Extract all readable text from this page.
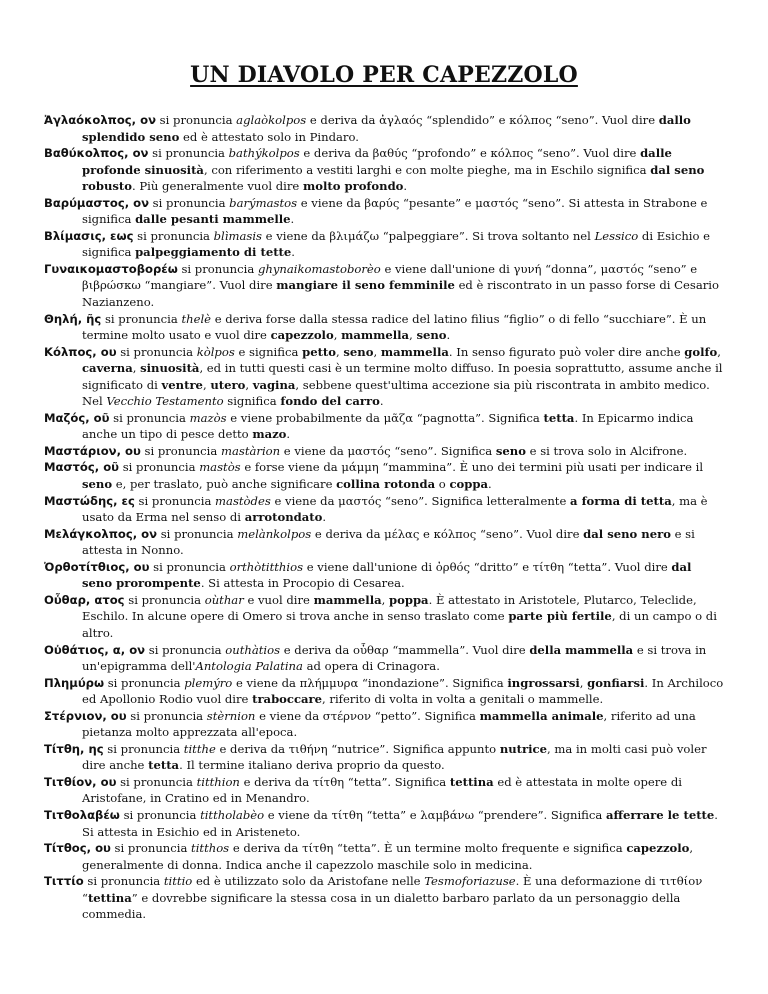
UN DIAVOLO PER CAPEZZOLO

Ἀγλαόκολπος, ον si pronuncia aglaòkolpos e deriva da ἀγλαός “splendido” e κόλπος “seno”. Vuol dire dallo splendido seno ed è attestato solo in Pindaro.

Βαθύκολπος, ον si pronuncia bathýkolpos e deriva da βαθύς “profondo” e κόλπος “seno”. Vuol dire dalle profonde sinuosità, con riferimento a vestiti larghi e con molte pieghe, ma in Eschilo significa dal seno robusto. Più generalmente vuol dire molto profondo.

Βαρύμαστος, ον si pronuncia barýmastos e viene da βαρύς “pesante” e μαστός “seno”. Si attesta in Strabone e significa dalle pesanti mammelle.

Βλίμασις, εως si pronuncia blìmasis e viene da βλιμάζω “palpeggiare”. Si trova soltanto nel Lessico di Esichio e significa palpeggiamento di tette.

Γυναικομαστοβορέω si pronuncia ghynaikomastoborèo e viene dall'unione di γυνή “donna”, μαστός “seno” e βιβρώσκω “mangiare”. Vuol dire mangiare il seno femminile ed è riscontrato in un passo forse di Cesario Nazianzeno.

Θηλή, ῆς si pronuncia thelè e deriva forse dalla stessa radice del latino filius “figlio” o di fello “succhiare”. È un termine molto usato e vuol dire capezzolo, mammella, seno.

Κόλπος, ου si pronuncia kòlpos e significa petto, seno, mammella. In senso figurato può voler dire anche golfo, caverna, sinuosità, ed in tutti questi casi è un termine molto diffuso. In poesia soprattutto, assume anche il significato di ventre, utero, vagina, sebbene quest'ultima accezione sia più riscontrata in ambito medico. Nel Vecchio Testamento significa fondo del carro.

Μαζός, οῦ si pronuncia mazòs e viene probabilmente da μᾶζα “pagnotta”. Significa tetta. In Epicarmo indica anche un tipo di pesce detto mazo.

Μαστάριον, ου si pronuncia mastàrion e viene da μαστός “seno”. Significa seno e si trova solo in Alcifrone.

Μαστός, οῦ si pronuncia mastòs e forse viene da μάμμη “mammina”. È uno dei termini più usati per indicare il seno e, per traslato, può anche significare collina rotonda o coppa.

Μαστώδης, ες si pronuncia mastòdes e viene da μαστός “seno”. Significa letteralmente a forma di tetta, ma è usato da Erma nel senso di arrotondato.

Μελάγκολπος, ον si pronuncia melànkolpos e deriva da μέλας e κόλπος “seno”. Vuol dire dal seno nero e si attesta in Nonno.

Ὀρθοτίτθιος, ου si pronuncia orthòtitthios e viene dall'unione di ὀρθός “dritto” e τίτθη “tetta”. Vuol dire dal seno prorompente. Si attesta in Procopio di Cesarea.

Οὖθαρ, ατος si pronuncia oùthar e vuol dire mammella, poppa. È attestato in Aristotele, Plutarco, Teleclide, Eschilo. In alcune opere di Omero si trova anche in senso traslato come parte più fertile, di un campo o di altro.

Οὐθάτιος, α, ον si pronuncia outhàtios e deriva da οὖθαρ “mammella”. Vuol dire della mammella e si trova in un'epigramma dell'Antologia Palatina ad opera di Crinagora.

Πλημύρω si pronuncia plemýro e viene da πλήμμυρα “inondazione”. Significa ingrossarsi, gonfiarsi. In Archiloco ed Apollonio Rodio vuol dire traboccare, riferito di volta in volta a genitali o mammelle.

Στέρνιον, ου si pronuncia stèrnion e viene da στέρνον “petto”. Significa mammella animale, riferito ad una pietanza molto apprezzata all'epoca.

Τίτθη, ης si pronuncia titthe e deriva da τιθήνη “nutrice”. Significa appunto nutrice, ma in molti casi può voler dire anche tetta. Il termine italiano deriva proprio da questo.

Τιτθίον, ου si pronuncia titthion e deriva da τίτθη “tetta”. Significa tettina ed è attestata in molte opere di Aristofane, in Cratino ed in Menandro.

Τιτθολαβέω si pronuncia tittholabèo e viene da τίτθη “tetta” e λαμβάνω “prendere”. Significa afferrare le tette. Si attesta in Esichio ed in Aristeneto.

Τίτθος, ου si pronuncia titthos e deriva da τίτθη “tetta”. È un termine molto frequente e significa capezzolo, generalmente di donna. Indica anche il capezzolo maschile solo in medicina.

Τιττίο si pronuncia tittio ed è utilizzato solo da Aristofane nelle Tesmoforiazuse. È una deformazione di τιτθίον “tettina” e dovrebbe significare la stessa cosa in un dialetto barbaro parlato da un personaggio della commedia.
